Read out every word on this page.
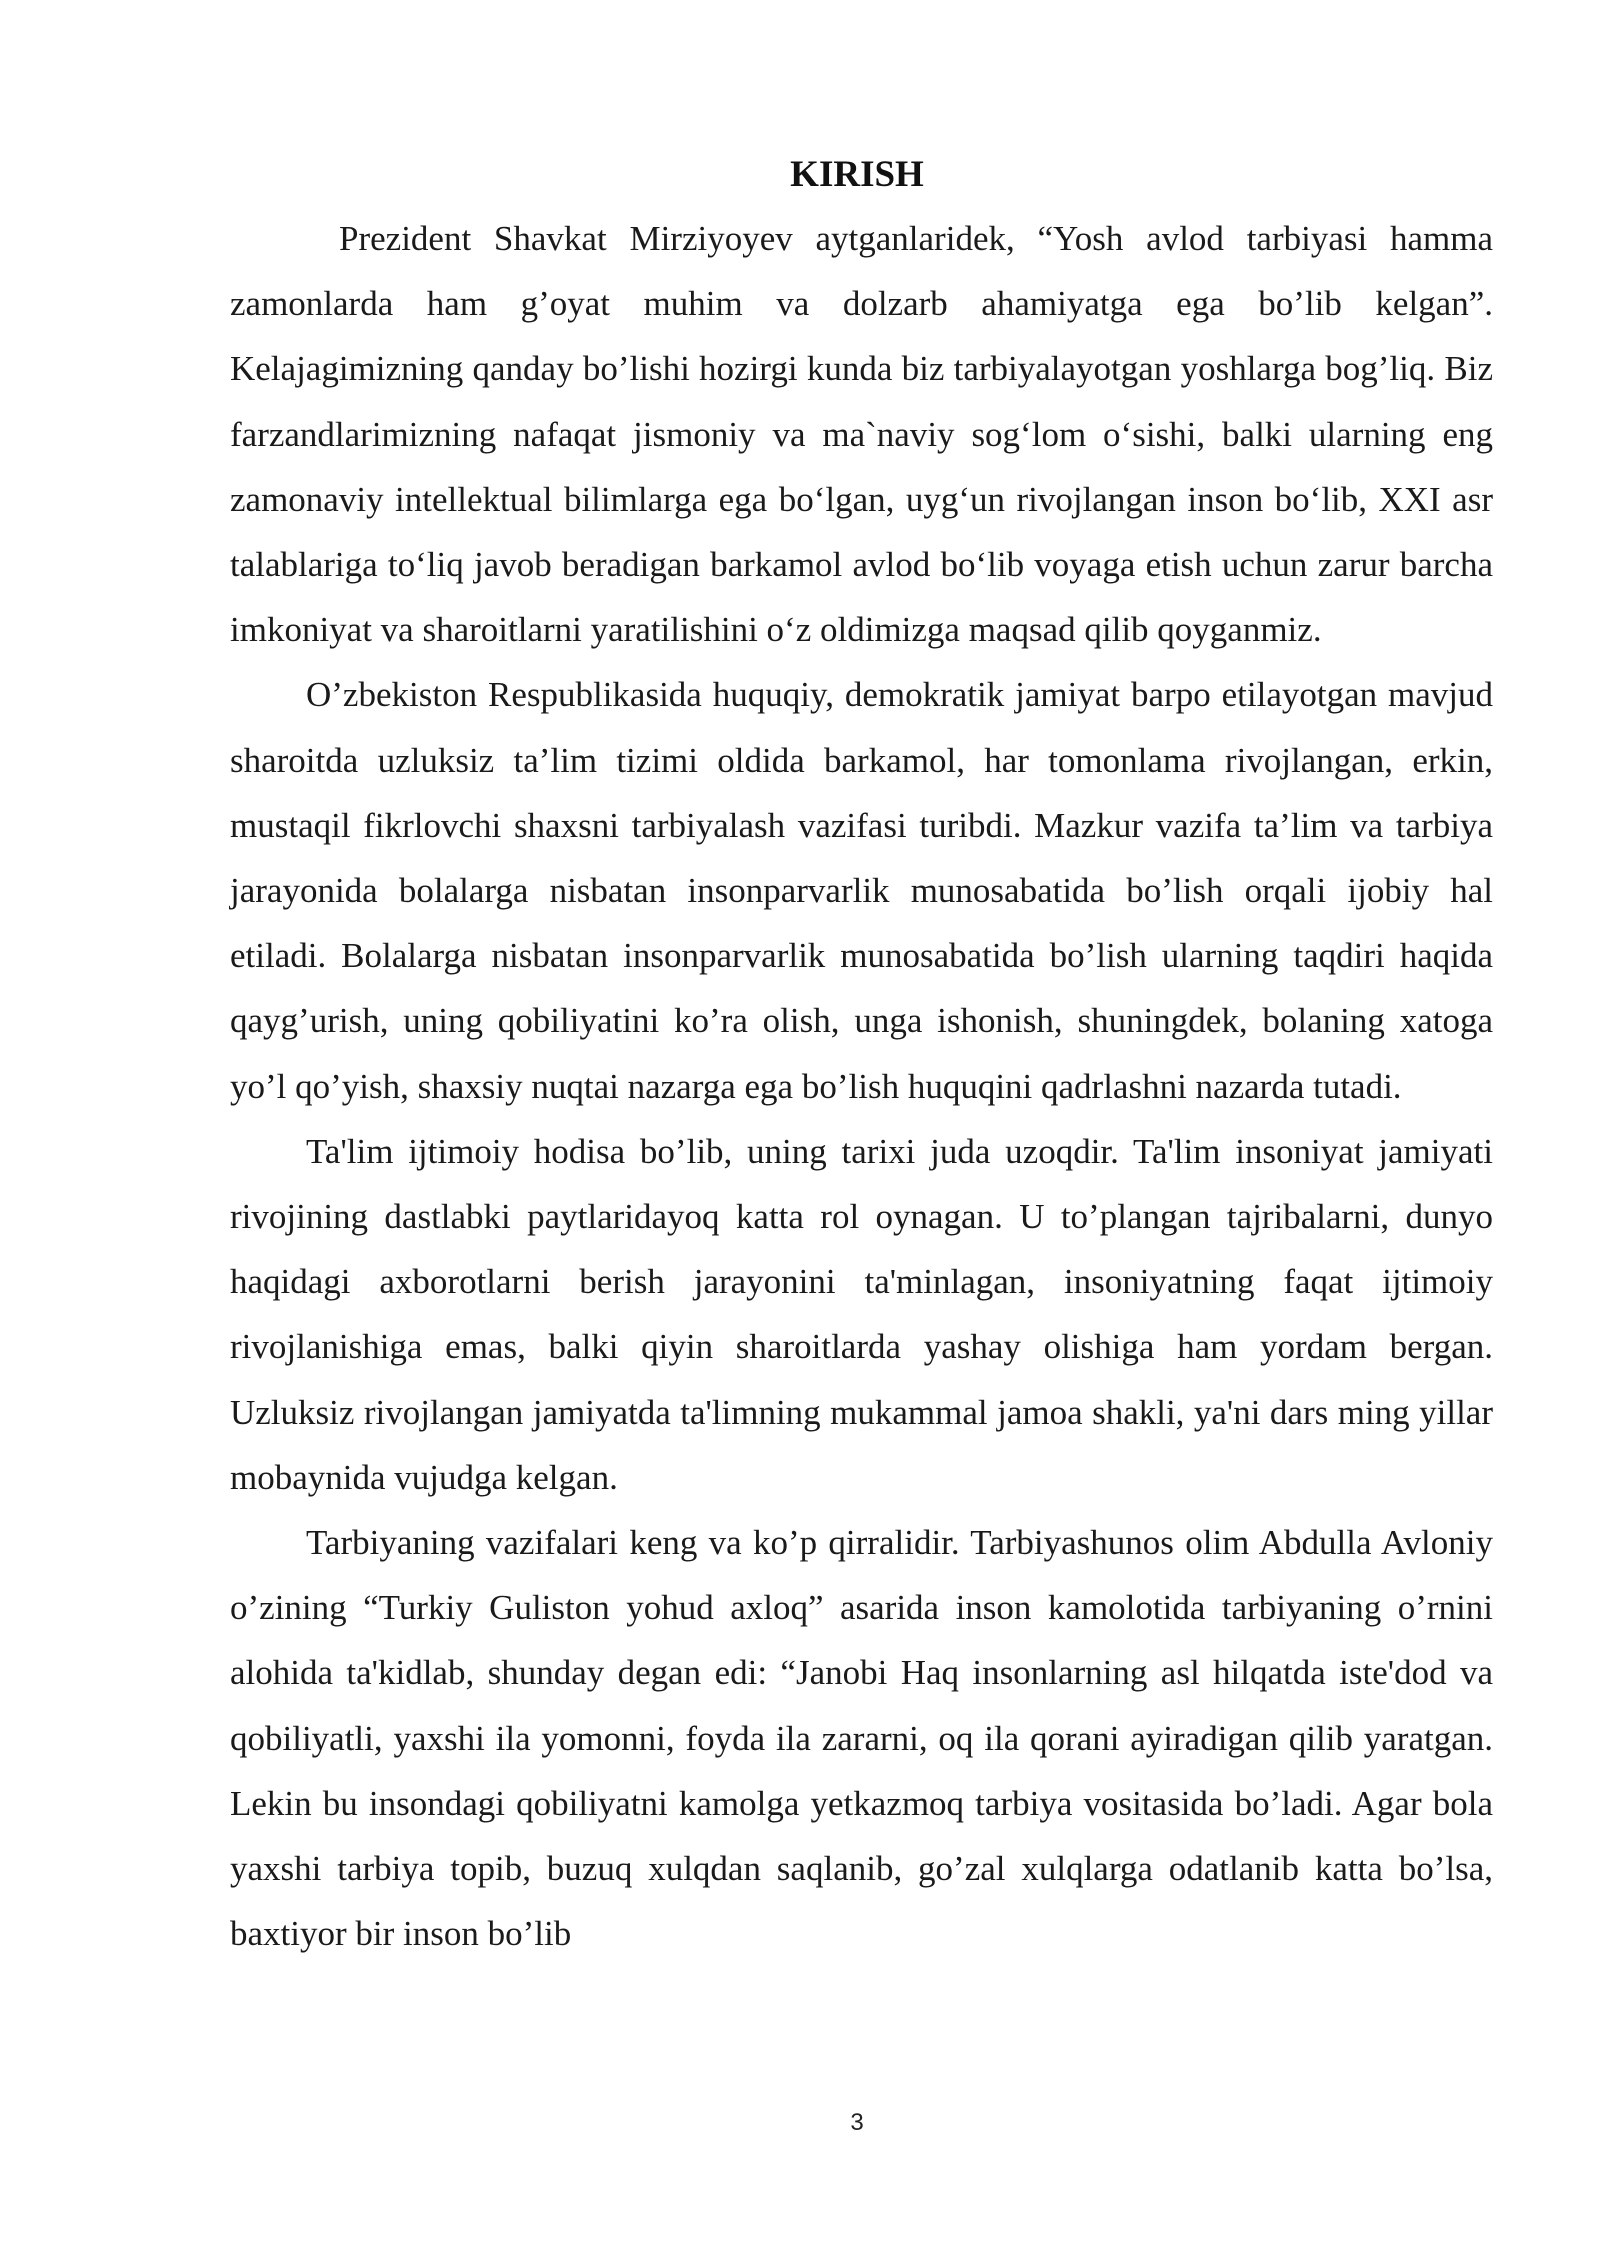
KIRISH

Prezident Shavkat Mirziyoyev aytganlaridek, “Yosh avlod tarbiyasi hamma zamonlarda ham g’oyat muhim va dolzarb ahamiyatga ega bo’lib kelgan”. Kelajagimizning qanday bo’lishi hozirgi kunda biz tarbiyalayotgan yoshlarga bog’liq. Biz farzandlarimizning nafaqat jismoniy va ma`naviy sog‘lom o‘sishi, balki ularning eng zamonaviy intellektual bilimlarga ega bo‘lgan, uyg‘un rivojlangan inson bo‘lib, XXI asr talablariga to‘liq javob beradigan barkamol avlod bo‘lib voyaga etish uchun zarur barcha imkoniyat va sharoitlarni yaratilishini o‘z oldimizga maqsad qilib qoyganmiz.

O’zbekiston Respublikasida huquqiy, demokratik jamiyat barpo etilayotgan mavjud sharoitda uzluksiz ta’lim tizimi oldida barkamol, har tomonlama rivojlangan, erkin, mustaqil fikrlovchi shaxsni tarbiyalash vazifasi turibdi. Mazkur vazifa ta’lim va tarbiya jarayonida bolalarga nisbatan insonparvarlik munosabatida bo’lish orqali ijobiy hal etiladi. Bolalarga nisbatan insonparvarlik munosabatida bo’lish ularning taqdiri haqida qayg’urish, uning qobiliyatini ko’ra olish, unga ishonish, shuningdek, bolaning xatoga yo’l qo’yish, shaxsiy nuqtai nazarga ega bo’lish huquqini qadrlashni nazarda tutadi.

Ta'lim ijtimoiy hodisa bo’lib, uning tarixi juda uzoqdir. Ta'lim insoniyat jamiyati rivojining dastlabki paytlaridayoq katta rol oynagan. U to’plangan tajribalarni, dunyo haqidagi axborotlarni berish jarayonini ta'minlagan, insoniyatning faqat ijtimoiy rivojlanishiga emas, balki qiyin sharoitlarda yashay olishiga ham yordam bergan. Uzluksiz rivojlangan jamiyatda ta'limning mukammal jamoa shakli, ya'ni dars ming yillar mobaynida vujudga kelgan.

Tarbiyaning vazifalari keng va ko’p qirralidir. Tarbiyashunos olim Abdulla Avloniy o’zining “Turkiy Guliston yohud axloq” asarida inson kamolotida tarbiyaning o’rnini alohida ta'kidlab, shunday degan edi: “Janobi Haq insonlarning asl hilqatda iste'dod va qobiliyatli, yaxshi ila yomonni, foyda ila zararni, oq ila qorani ayiradigan qilib yaratgan. Lekin bu insondagi qobiliyatni kamolga yetkazmoq tarbiya vositasida bo’ladi. Agar bola yaxshi tarbiya topib, buzuq xulqdan saqlanib, go’zal xulqlarga odatlanib katta bo’lsa, baxtiyor bir inson bo’lib

3
